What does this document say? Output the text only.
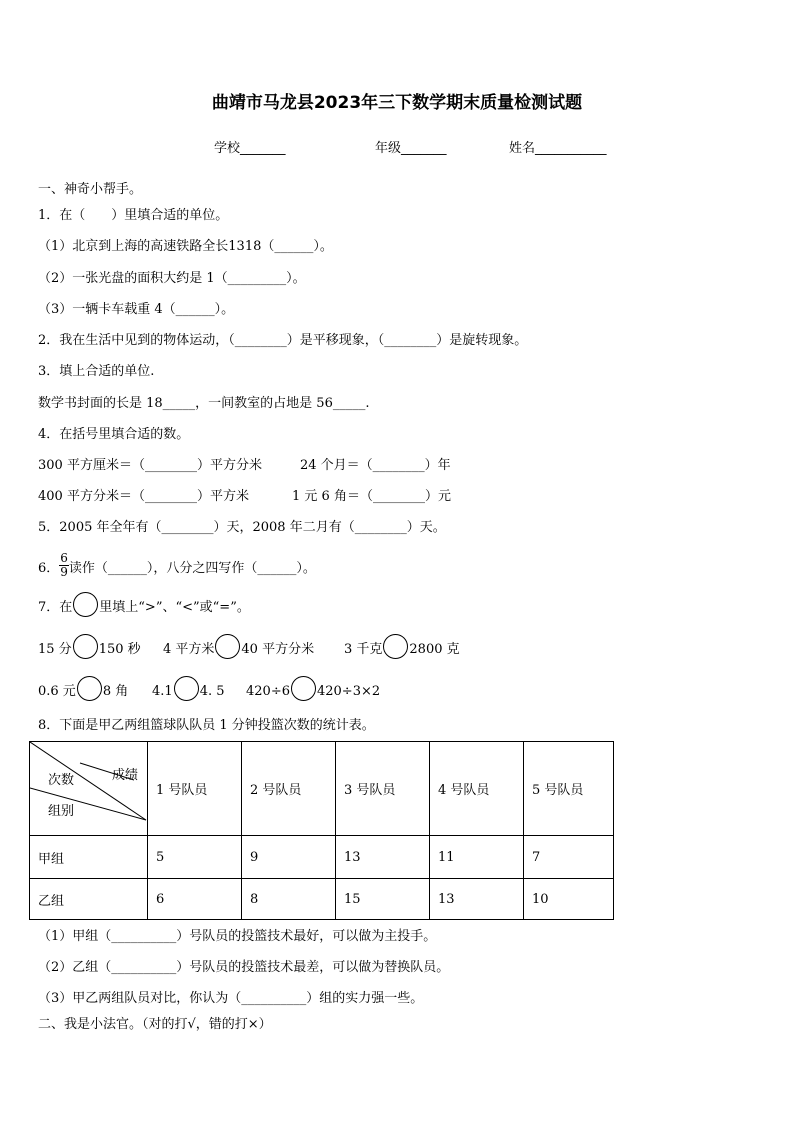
曲靖市马龙县2023年三下数学期末质量检测试题
学校_______	年级_______	姓名___________
一、神奇小帮手。
1．在（　　）里填合适的单位。
（1）北京到上海的高速铁路全长1318（______）。
（2）一张光盘的面积大约是 1（_________）。
（3）一辆卡车载重 4（______）。
2．我在生活中见到的物体运动，（________）是平移现象，（________）是旋转现象。
3．填上合适的单位.
数学书封面的长是 18_____，一间教室的占地是 56_____.
4．在括号里填合适的数。
300 平方厘米＝（________）平方分米	24 个月＝（________）年
400 平方分米＝（________）平方米	1 元 6 角＝（________）元
5．2005 年全年有（________）天，2008 年二月有（________）天。
6． $\frac{6}{9}$ 读作（______），八分之四写作（______）。
7．在 里填上“>”、“<”或“=”。
15 分 150 秒 4 平方米 40 平方分米 3 千克 2800 克
0.6 元 8 角 4.1 4. 5 420÷6 420÷3×2
8．下面是甲乙两组篮球队队员 1 分钟投篮次数的统计表。
成绩
次数
组别	1 号队员	2 号队员	3 号队员	4 号队员	5 号队员
甲组	5	9	13	11	7
乙组	6	8	15	13	10
（1）甲组（__________）号队员的投篮技术最好，可以做为主投手。
（2）乙组（__________）号队员的投篮技术最差，可以做为替换队员。
（3）甲乙两组队员对比，你认为（__________）组的实力强一些。
二、我是小法官。（对的打√，错的打×）
